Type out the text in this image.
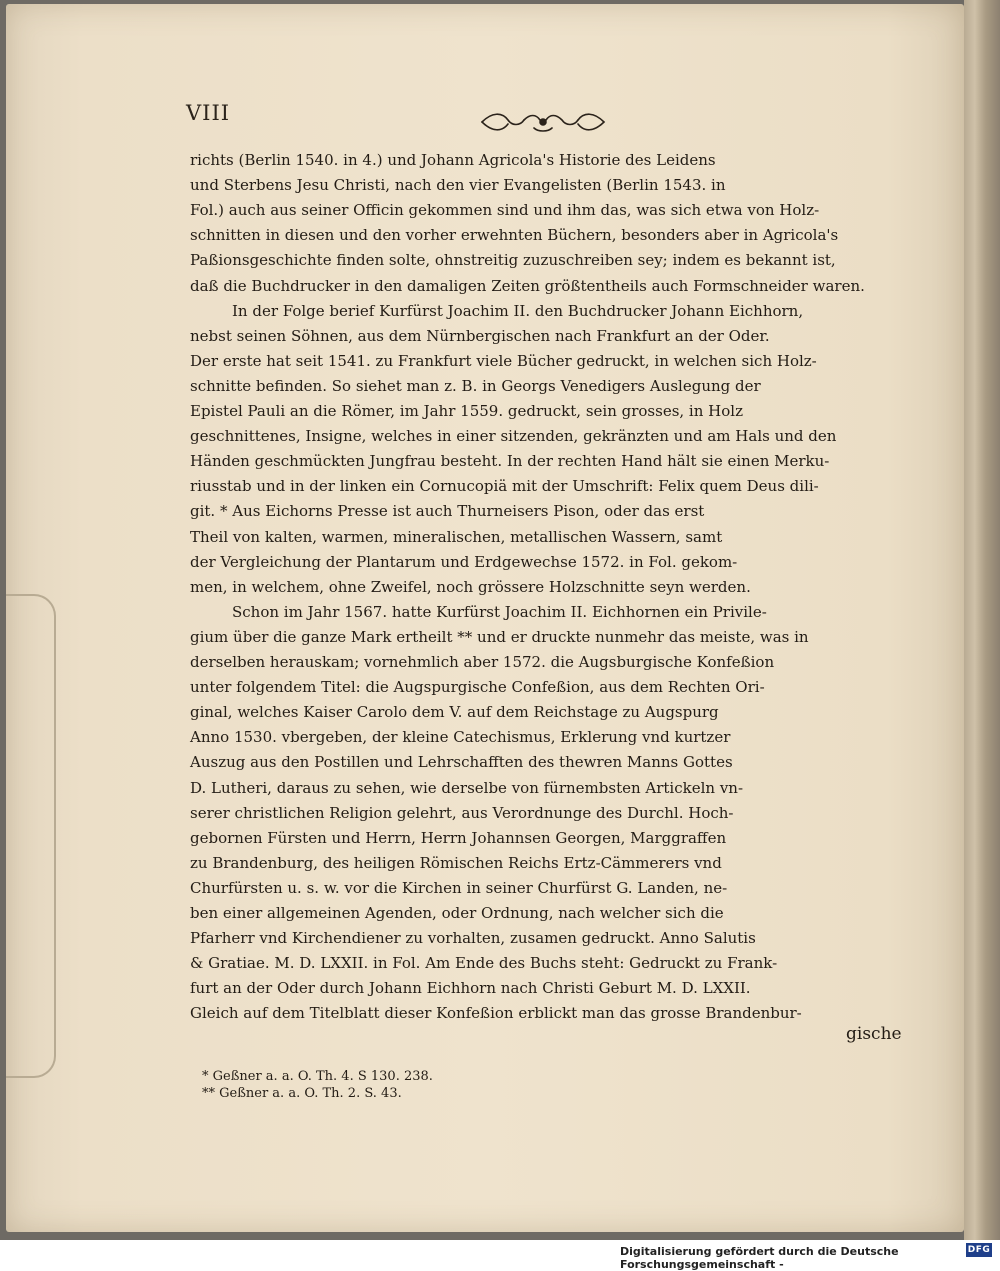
VIII
richts (Berlin 1540. in 4.) und Johann Agricola's Historie des Leidens
und Sterbens Jesu Christi, nach den vier Evangelisten (Berlin 1543. in
Fol.) auch aus seiner Officin gekommen sind und ihm das, was sich etwa von Holz-
schnitten in diesen und den vorher erwehnten Büchern, besonders aber in Agricola's
Paßionsgeschichte finden solte, ohnstreitig zuzuschreiben sey; indem es bekannt ist,
daß die Buchdrucker in den damaligen Zeiten größtentheils auch Formschneider waren.
In der Folge berief Kurfürst Joachim II. den Buchdrucker Johann Eichhorn,
nebst seinen Söhnen, aus dem Nürnbergischen nach Frankfurt an der Oder.
Der erste hat seit 1541. zu Frankfurt viele Bücher gedruckt, in welchen sich Holz-
schnitte befinden. So siehet man z. B. in Georgs Venedigers Auslegung der
Epistel Pauli an die Römer, im Jahr 1559. gedruckt, sein grosses, in Holz
geschnittenes, Insigne, welches in einer sitzenden, gekränzten und am Hals und den
Händen geschmückten Jungfrau besteht. In der rechten Hand hält sie einen Merku-
riusstab und in der linken ein Cornucopiä mit der Umschrift: Felix quem Deus dili-
git. * Aus Eichorns Presse ist auch Thurneisers Pison, oder das erst
Theil von kalten, warmen, mineralischen, metallischen Wassern, samt
der Vergleichung der Plantarum und Erdgewechse 1572. in Fol. gekom-
men, in welchem, ohne Zweifel, noch grössere Holzschnitte seyn werden.
Schon im Jahr 1567. hatte Kurfürst Joachim II. Eichhornen ein Privile-
gium über die ganze Mark ertheilt ** und er druckte nunmehr das meiste, was in
derselben herauskam; vornehmlich aber 1572. die Augsburgische Konfeßion
unter folgendem Titel: die Augspurgische Confeßion, aus dem Rechten Ori-
ginal, welches Kaiser Carolo dem V. auf dem Reichstage zu Augspurg
Anno 1530. vbergeben, der kleine Catechismus, Erklerung vnd kurtzer
Auszug aus den Postillen und Lehrschafften des thewren Manns Gottes
D. Lutheri, daraus zu sehen, wie derselbe von fürnembsten Artickeln vn-
serer christlichen Religion gelehrt, aus Verordnunge des Durchl. Hoch-
gebornen Fürsten und Herrn, Herrn Johannsen Georgen, Marggraffen
zu Brandenburg, des heiligen Römischen Reichs Ertz-Cämmerers vnd
Churfürsten u. s. w. vor die Kirchen in seiner Churfürst G. Landen, ne-
ben einer allgemeinen Agenden, oder Ordnung, nach welcher sich die
Pfarherr vnd Kirchendiener zu vorhalten, zusamen gedruckt. Anno Salutis
& Gratiae. M. D. LXXII. in Fol. Am Ende des Buchs steht: Gedruckt zu Frank-
furt an der Oder durch Johann Eichhorn nach Christi Geburt M. D. LXXII.
Gleich auf dem Titelblatt dieser Konfeßion erblickt man das grosse Brandenbur-
gische
* Geßner a. a. O. Th. 4. S 130. 238.
** Geßner a. a. O. Th. 2. S. 43.
Digitalisierung gefördert durch die Deutsche Forschungsgemeinschaft -
DFG
